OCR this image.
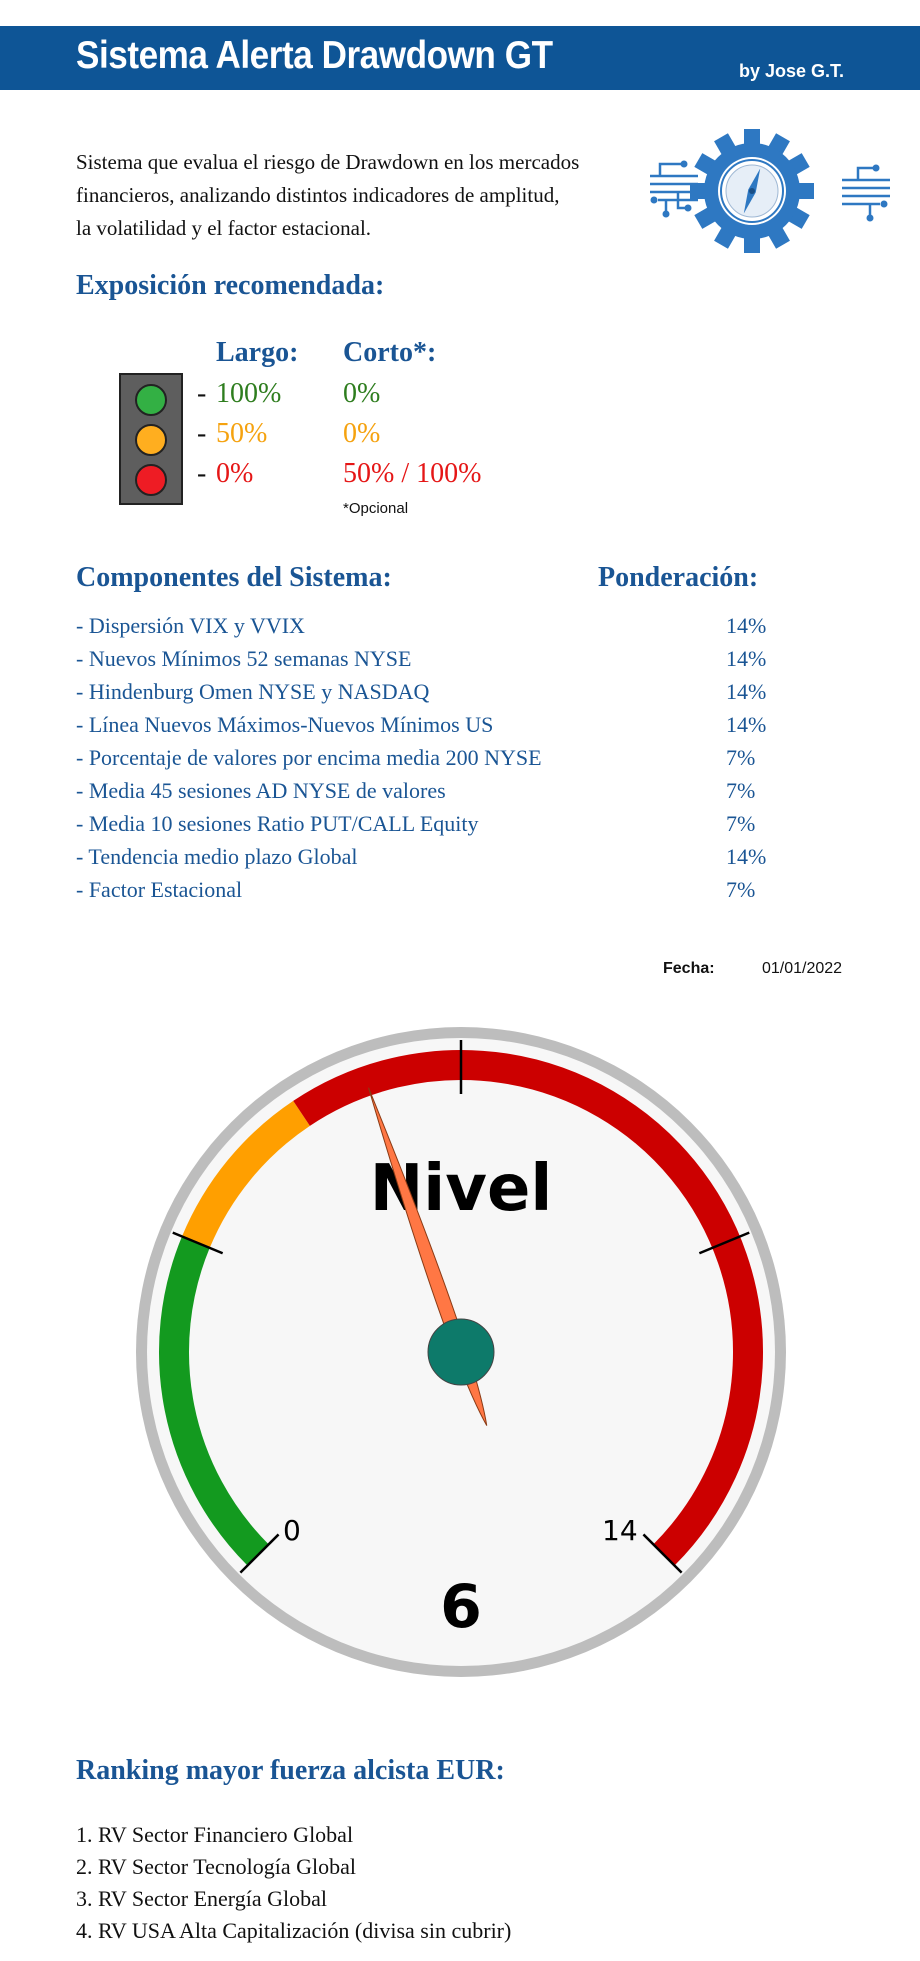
Sistema Alerta Drawdown GT	by Jose G.T.
Sistema que evalua el riesgo de Drawdown en los mercados
financieros, analizando distintos indicadores de amplitud,
la volatilidad y el factor estacional.
Exposición recomendada:
Largo: Corto*:
-
-
-
100% 0%
50%	0%
0%	50% / 100%
*Opcional
Componentes del Sistema:	Ponderación:
- Dispersión VIX y VVIX	14%
- Nuevos Mínimos 52 semanas NYSE	14%
- Hindenburg Omen NYSE y NASDAQ	14%
- Línea Nuevos Máximos-Nuevos Mínimos US	14%
- Porcentaje de valores por encima media 200 NYSE	7%
- Media 45 sesiones AD NYSE de valores	7%
- Media 10 sesiones Ratio PUT/CALL Equity	7%
- Tendencia medio plazo Global	14%
- Factor Estacional	7%
Fecha:	01/01/2022
Nivel
0	14
6
Ranking mayor fuerza alcista EUR:
1. RV Sector Financiero Global
2. RV Sector Tecnología Global
3. RV Sector Energía Global
4. RV USA Alta Capitalización (divisa sin cubrir)
